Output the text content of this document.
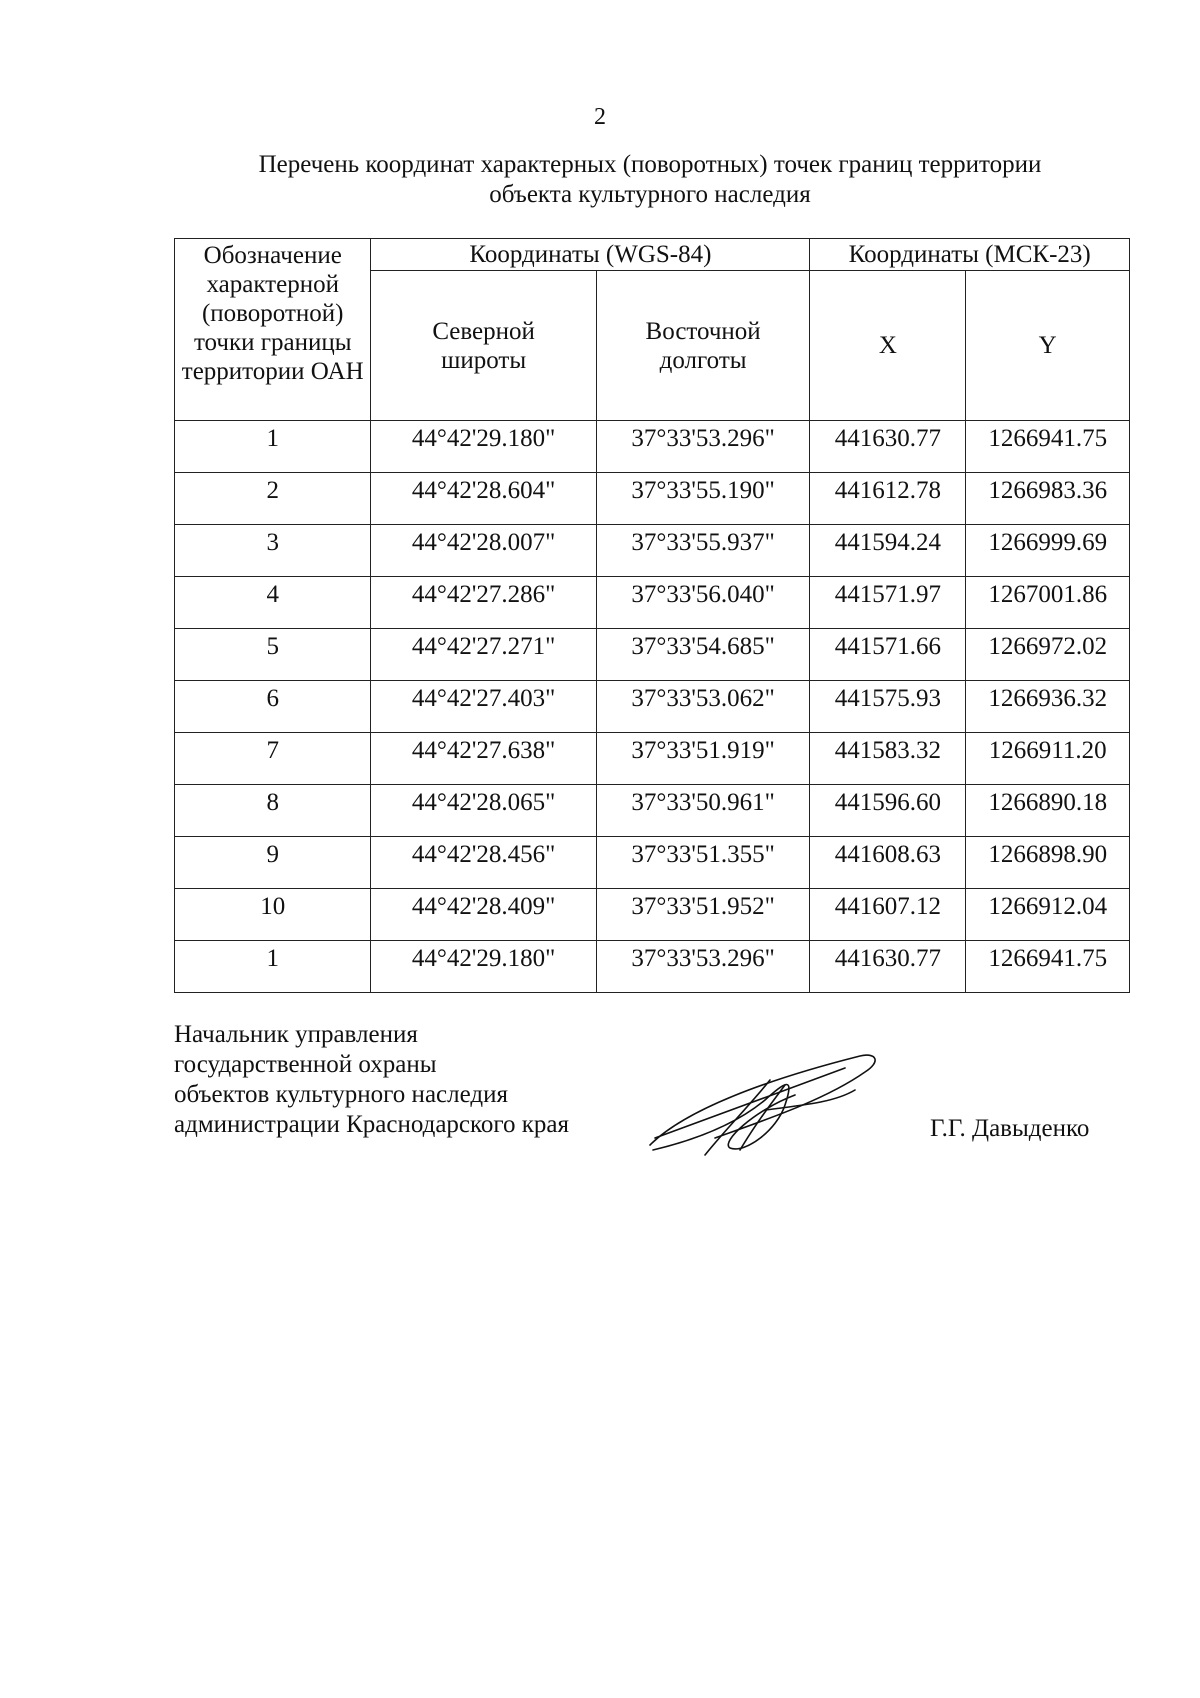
2
Перечень координат характерных (поворотных) точек границ территории
объекта культурного наследия
Обозначение характерной (поворотной) точки границы территории ОАН	Координаты (WGS-84)		Координаты (МСК-23)	
	Северной широты	Восточной долготы	X	Y
1	44°42'29.180"	37°33'53.296"	441630.77	1266941.75
2	44°42'28.604"	37°33'55.190"	441612.78	1266983.36
3	44°42'28.007"	37°33'55.937"	441594.24	1266999.69
4	44°42'27.286"	37°33'56.040"	441571.97	1267001.86
5	44°42'27.271"	37°33'54.685"	441571.66	1266972.02
6	44°42'27.403"	37°33'53.062"	441575.93	1266936.32
7	44°42'27.638"	37°33'51.919"	441583.32	1266911.20
8	44°42'28.065"	37°33'50.961"	441596.60	1266890.18
9	44°42'28.456"	37°33'51.355"	441608.63	1266898.90
10	44°42'28.409"	37°33'51.952"	441607.12	1266912.04
1	44°42'29.180"	37°33'53.296"	441630.77	1266941.75
Начальник управления
государственной охраны
объектов культурного наследия
администрации Краснодарского края	Г.Г. Давыденко
